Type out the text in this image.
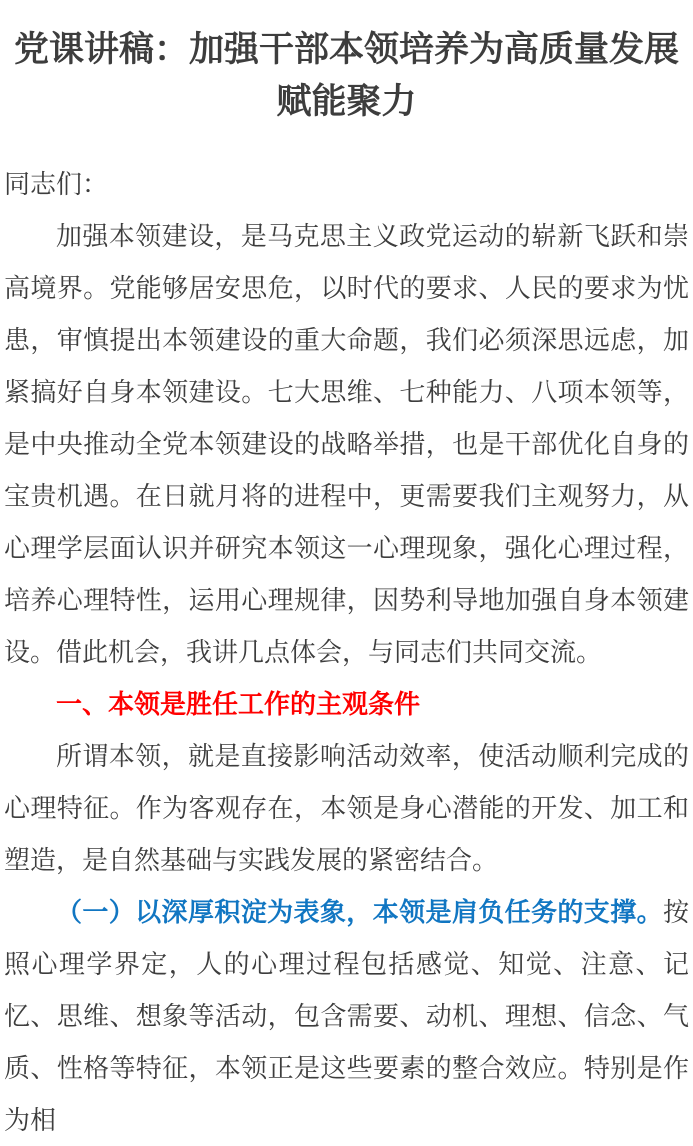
党课讲稿：加强干部本领培养为高质量发展赋能聚力

同志们：

加强本领建设，是马克思主义政党运动的崭新飞跃和崇高境界。党能够居安思危，以时代的要求、人民的要求为忧患，审慎提出本领建设的重大命题，我们必须深思远虑，加紧搞好自身本领建设。七大思维、七种能力、八项本领等，是中央推动全党本领建设的战略举措，也是干部优化自身的宝贵机遇。在日就月将的进程中，更需要我们主观努力，从心理学层面认识并研究本领这一心理现象，强化心理过程，培养心理特性，运用心理规律，因势利导地加强自身本领建设。借此机会，我讲几点体会，与同志们共同交流。

一、本领是胜任工作的主观条件

所谓本领，就是直接影响活动效率，使活动顺利完成的心理特征。作为客观存在，本领是身心潜能的开发、加工和塑造，是自然基础与实践发展的紧密结合。

（一）以深厚积淀为表象，本领是肩负任务的支撑。按照心理学界定，人的心理过程包括感觉、知觉、注意、记忆、思维、想象等活动，包含需要、动机、理想、信念、气质、性格等特征，本领正是这些要素的整合效应。特别是作为相
